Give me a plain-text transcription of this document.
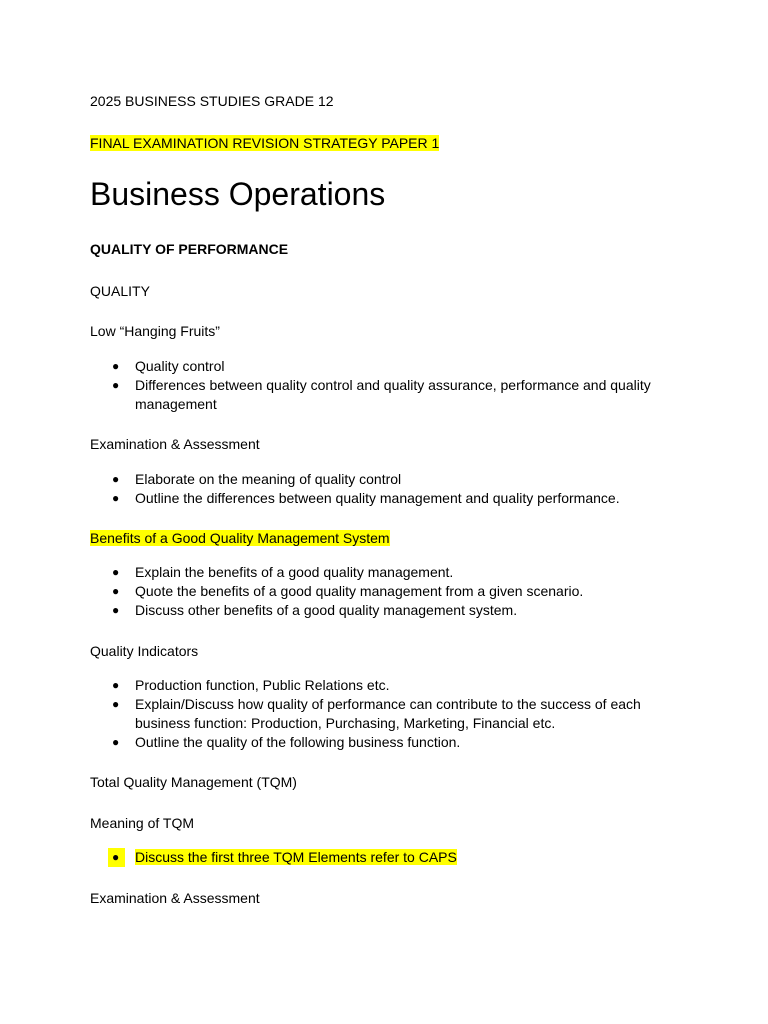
2025 BUSINESS STUDIES GRADE 12
FINAL EXAMINATION REVISION STRATEGY PAPER 1
Business Operations
QUALITY OF PERFORMANCE
QUALITY
Low “Hanging Fruits”
● Quality control
● Differences between quality control and quality assurance, performance and quality management
Examination & Assessment
● Elaborate on the meaning of quality control
● Outline the differences between quality management and quality performance.
Benefits of a Good Quality Management System
● Explain the benefits of a good quality management.
● Quote the benefits of a good quality management from a given scenario.
● Discuss other benefits of a good quality management system.
Quality Indicators
● Production function, Public Relations etc.
● Explain/Discuss how quality of performance can contribute to the success of each business function: Production, Purchasing, Marketing, Financial etc.
● Outline the quality of the following business function.
Total Quality Management (TQM)
Meaning of TQM
● Discuss the first three TQM Elements refer to CAPS
Examination & Assessment
